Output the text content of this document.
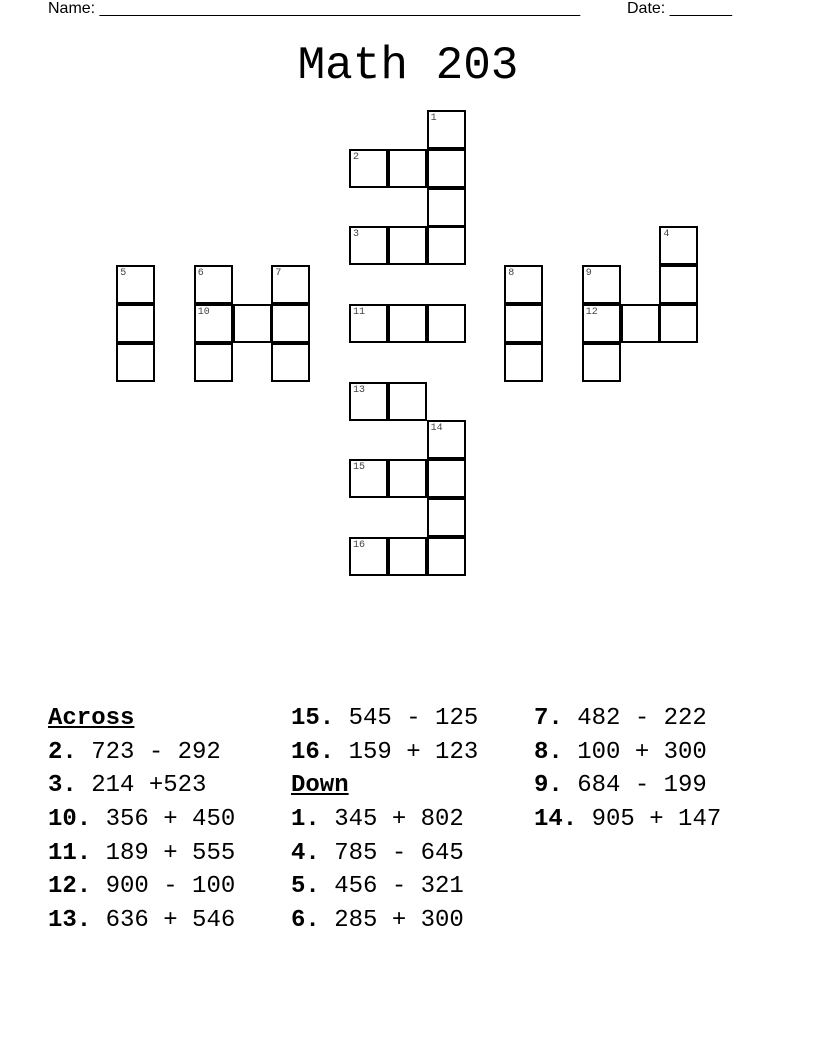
Name: ______________________________________________________	Date: _______
Math 203
1
2
3	4
5	6	7	8	9
10	11	12
13
14
15
16
Across
2. 723 - 292
3. 214 +523
10. 356 + 450
11. 189 + 555
12. 900 - 100
13. 636 + 546
15. 545 - 125
16. 159 + 123
Down
1. 345 + 802
4. 785 - 645
5. 456 - 321
6. 285 + 300
7. 482 - 222
8. 100 + 300
9. 684 - 199
14. 905 + 147
